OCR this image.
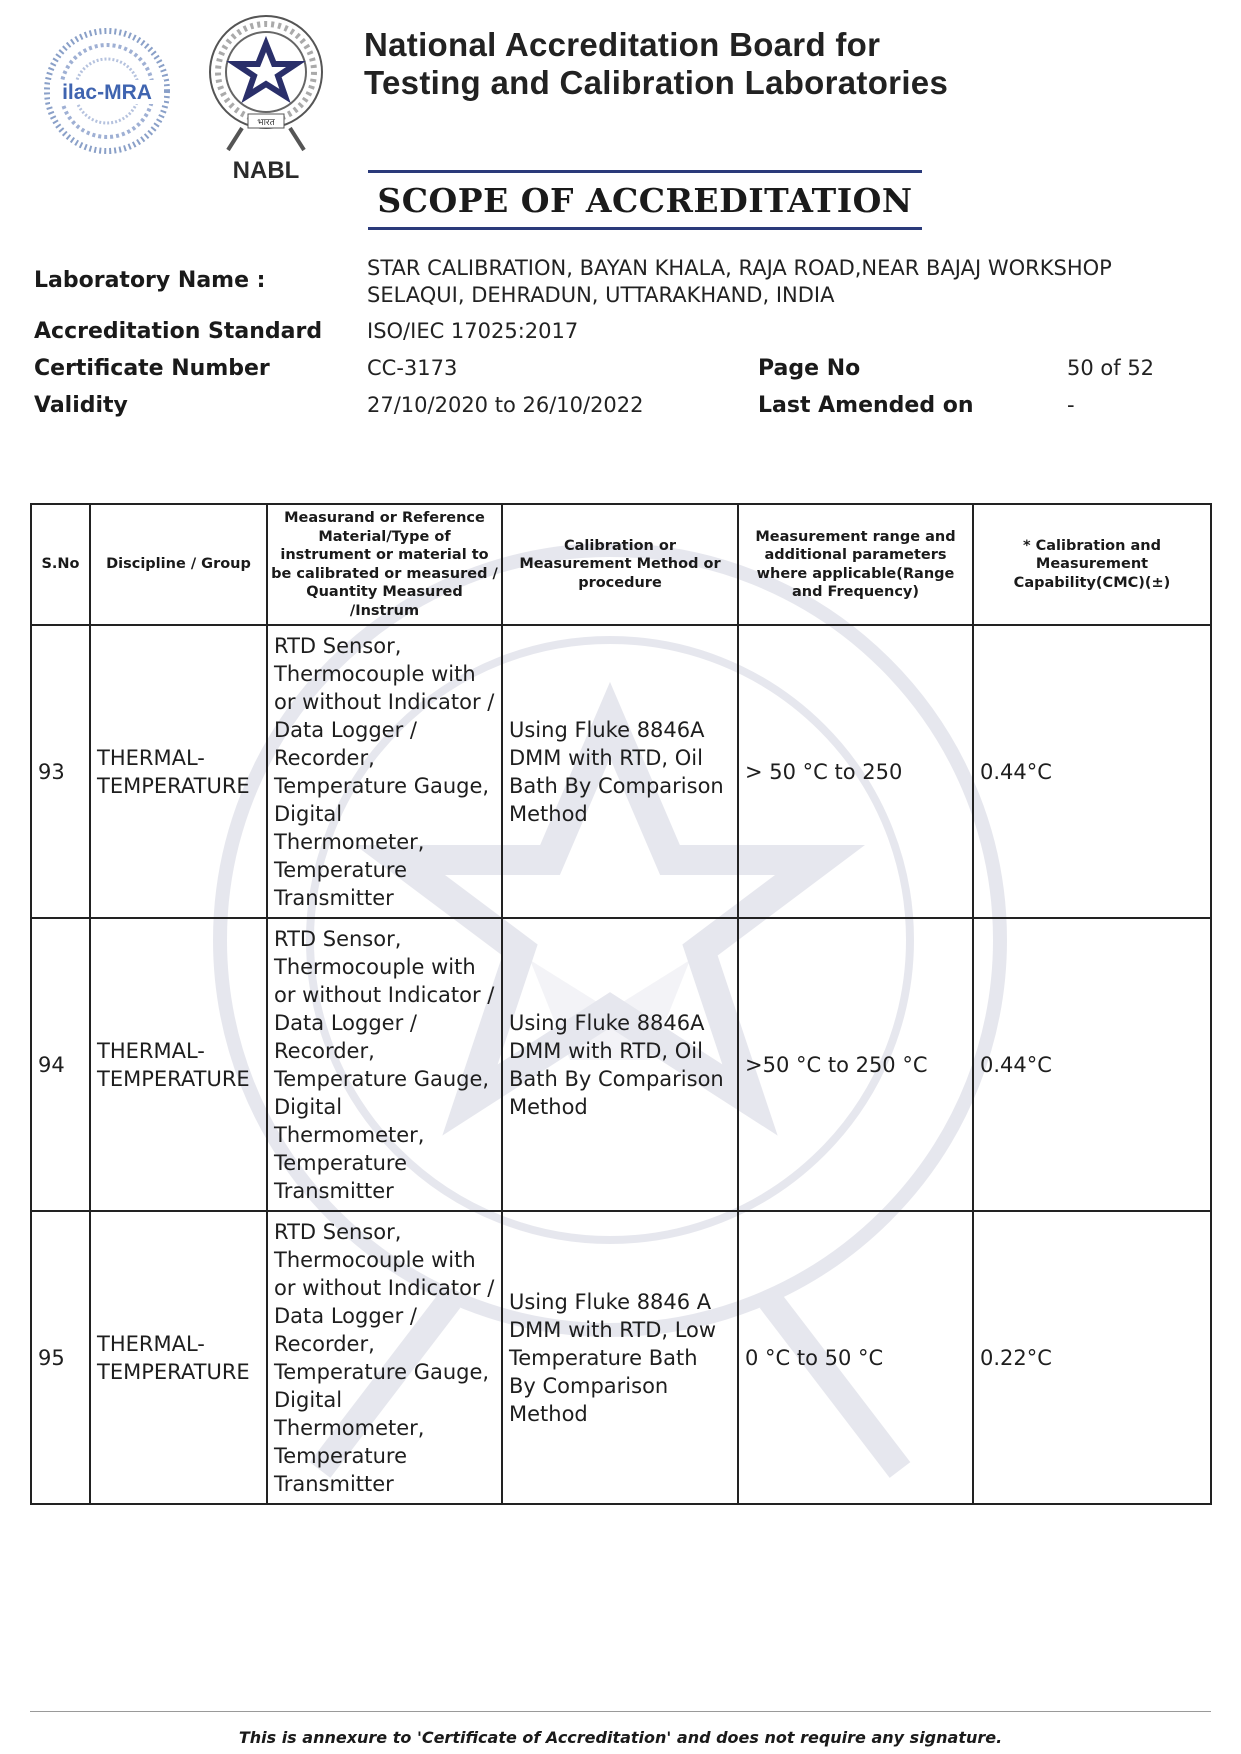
ilac-MRA
भारत
NABL
National Accreditation Board for
Testing and Calibration Laboratories
SCOPE OF ACCREDITATION
Laboratory Name :	STAR CALIBRATION, BAYAN KHALA, RAJA ROAD,NEAR BAJAJ WORKSHOP
SELAQUI, DEHRADUN, UTTARAKHAND, INDIA
Accreditation Standard ISO/IEC 17025:2017
Certificate Number	CC-3173	Page No	50 of 52
Validity	27/10/2020 to 26/10/2022	Last Amended on	-
S.No	Discipline / Group	Measurand or Reference Material/Type of instrument or material to be calibrated or measured / Quantity Measured /Instrum	Calibration or Measurement Method or procedure	Measurement range and additional parameters where applicable(Range and Frequency)	* Calibration and Measurement Capability(CMC)(±)
93	THERMAL-TEMPERATURE	RTD Sensor, Thermocouple with or without Indicator / Data Logger / Recorder, Temperature Gauge, Digital Thermometer, Temperature Transmitter	Using Fluke 8846A DMM with RTD, Oil Bath By Comparison Method	> 50 °C to 250	0.44°C
94	THERMAL-TEMPERATURE	RTD Sensor, Thermocouple with or without Indicator / Data Logger / Recorder, Temperature Gauge, Digital Thermometer, Temperature Transmitter	Using Fluke 8846A DMM with RTD, Oil Bath By Comparison Method	>50 °C to 250 °C	0.44°C
95	THERMAL-TEMPERATURE	RTD Sensor, Thermocouple with or without Indicator / Data Logger / Recorder, Temperature Gauge, Digital Thermometer, Temperature Transmitter	Using Fluke 8846 A DMM with RTD, Low Temperature Bath By Comparison Method	0 °C to 50 °C	0.22°C
This is annexure to 'Certificate of Accreditation' and does not require any signature.
